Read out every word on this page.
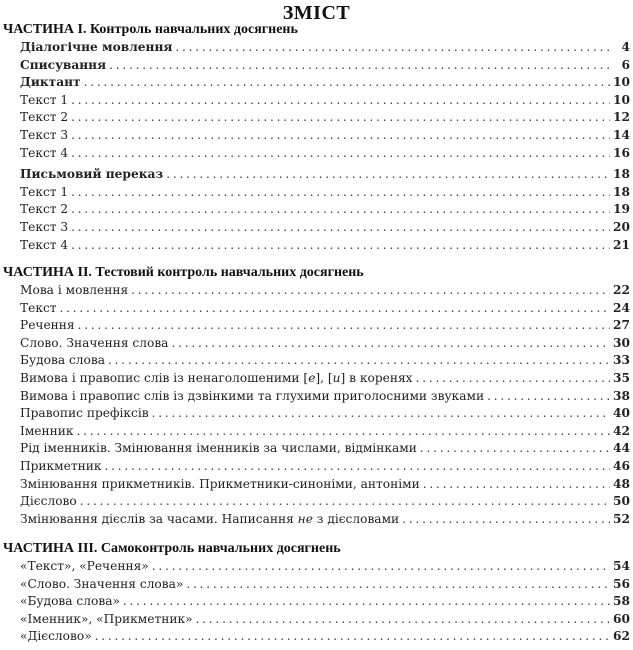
ЗМІСТ
ЧАСТИНА І. Контроль навчальних досягнень
Діалогічне мовлення . . .	4
Списування . . .	6
Диктант . . .	10
Текст 1 . . .	10
Текст 2 . . .	12
Текст 3 . . .	14
Текст 4 . . .	16
Письмовий переказ . . .	18
Текст 1 . . .	18
Текст 2 . . .	19
Текст 3 . . .	20
Текст 4 . . .	21
ЧАСТИНА ІІ. Тестовий контроль навчальних досягнень
Мова і мовлення . . .	22
Текст . . .	24
Речення . . .	27
Слово. Значення слова . . .	30
Будова слова . . .	33
Вимова і правопис слів із ненаголошеними [е], [и] в коренях . . .	35
Вимова і правопис слів із дзвінкими та глухими приголосними звуками . . .	38
Правопис префіксів . . .	40
Іменник . . .	42
Рід іменників. Змінювання іменників за числами, відмінками . . .	44
Прикметник . . .	46
Змінювання прикметників. Прикметники-синоніми, антоніми . . .	48
Дієслово . . .	50
Змінювання дієслів за часами. Написання не з дієсловами . . .	52
ЧАСТИНА ІІІ. Самоконтроль навчальних досягнень
«Текст», «Речення» . . .	54
«Слово. Значення слова» . . .	56
«Будова слова» . . .	58
«Іменник», «Прикметник» . . .	60
«Дієслово» . . .	62
